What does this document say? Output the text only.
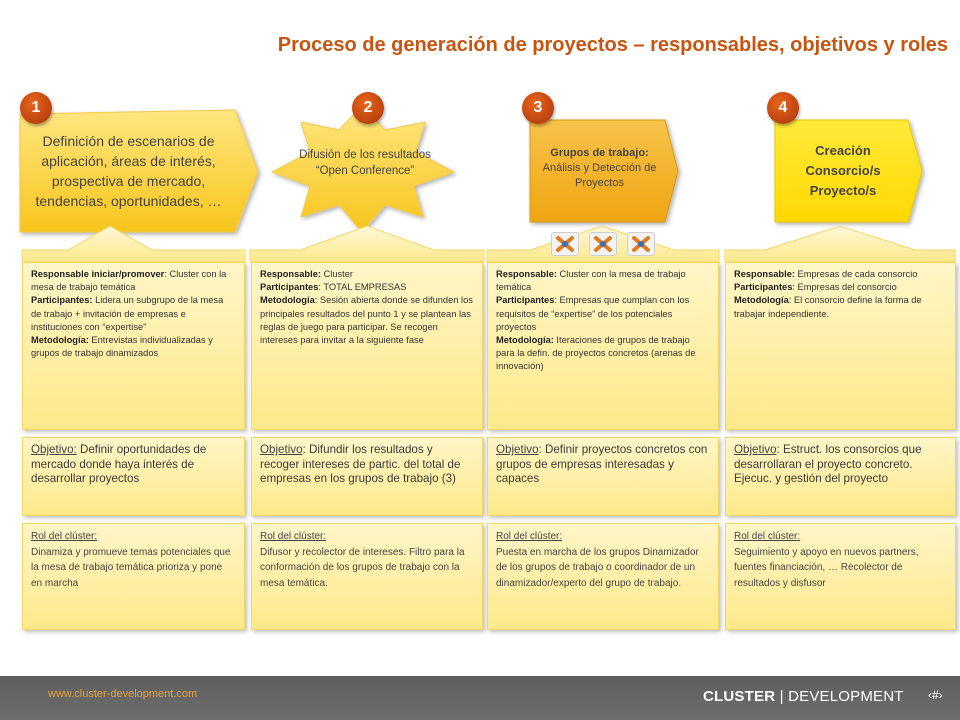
Proceso de generación de proyectos – responsables, objetivos y roles
1	2	3	4
Definición de escenarios de aplicación, áreas de interés, prospectiva de mercado, tendencias, oportunidades, …
Difusión de los resultados
“Open Conference”
Grupos de trabajo:
Análisis y Detección de Proyectos
Creación
Consorcio/s
Proyecto/s
Responsable iniciar/promover: Cluster con la mesa de trabajo temática
Participantes: Lidera un subgrupo de la mesa de trabajo + invitación de empresas e instituciones con “expertise”
Metodología: Entrevistas individualizadas y grupos de trabajo dinamizados
Responsable: Cluster
Participantes: TOTAL EMPRESAS
Metodología: Sesión abierta donde se difunden los principales resultados del punto 1 y se plantean las reglas de juego para participar. Se recogen intereses para invitar a la siguiente fase
Responsable: Cluster con la mesa de trabajo temática
Participantes: Empresas que cumplan con los requisitos de “expertise” de los potenciales proyectos
Metodología: Iteraciones de grupos de trabajo para la defin. de proyectos concretos (arenas de innovación)
Responsable: Empresas de cada consorcio
Participantes: Empresas del consorcio
Metodología: El consorcio define la forma de trabajar independiente.
Objetivo: Definir oportunidades de mercado donde haya interés de desarrollar proyectos
Objetivo: Difundir los resultados y recoger intereses de partic. del total de empresas en los grupos de trabajo (3)
Objetivo: Definir proyectos concretos con grupos de empresas interesadas y capaces
Objetivo: Estruct. los consorcios que desarrollaran el proyecto concreto. Ejecuc. y gestión del proyecto
Rol del clúster:
Dinamiza y promueve temas potenciales que la mesa de trabajo temática prioriza y pone en marcha
Rol del clúster:
Difusor y recolector de intereses. Filtro para la conformación de los grupos de trabajo con la mesa temática.
Rol del clúster:
Puesta en marcha de los grupos Dinamizador de los grupos de trabajo o coordinador de un dinamizador/experto del grupo de trabajo.
Rol del clúster:
Seguimiento y apoyo en nuevos partners, fuentes financiación, … Recolector de resultados y disfusor
www.cluster-development.com	CLUSTER | DEVELOPMENT ‹#›
